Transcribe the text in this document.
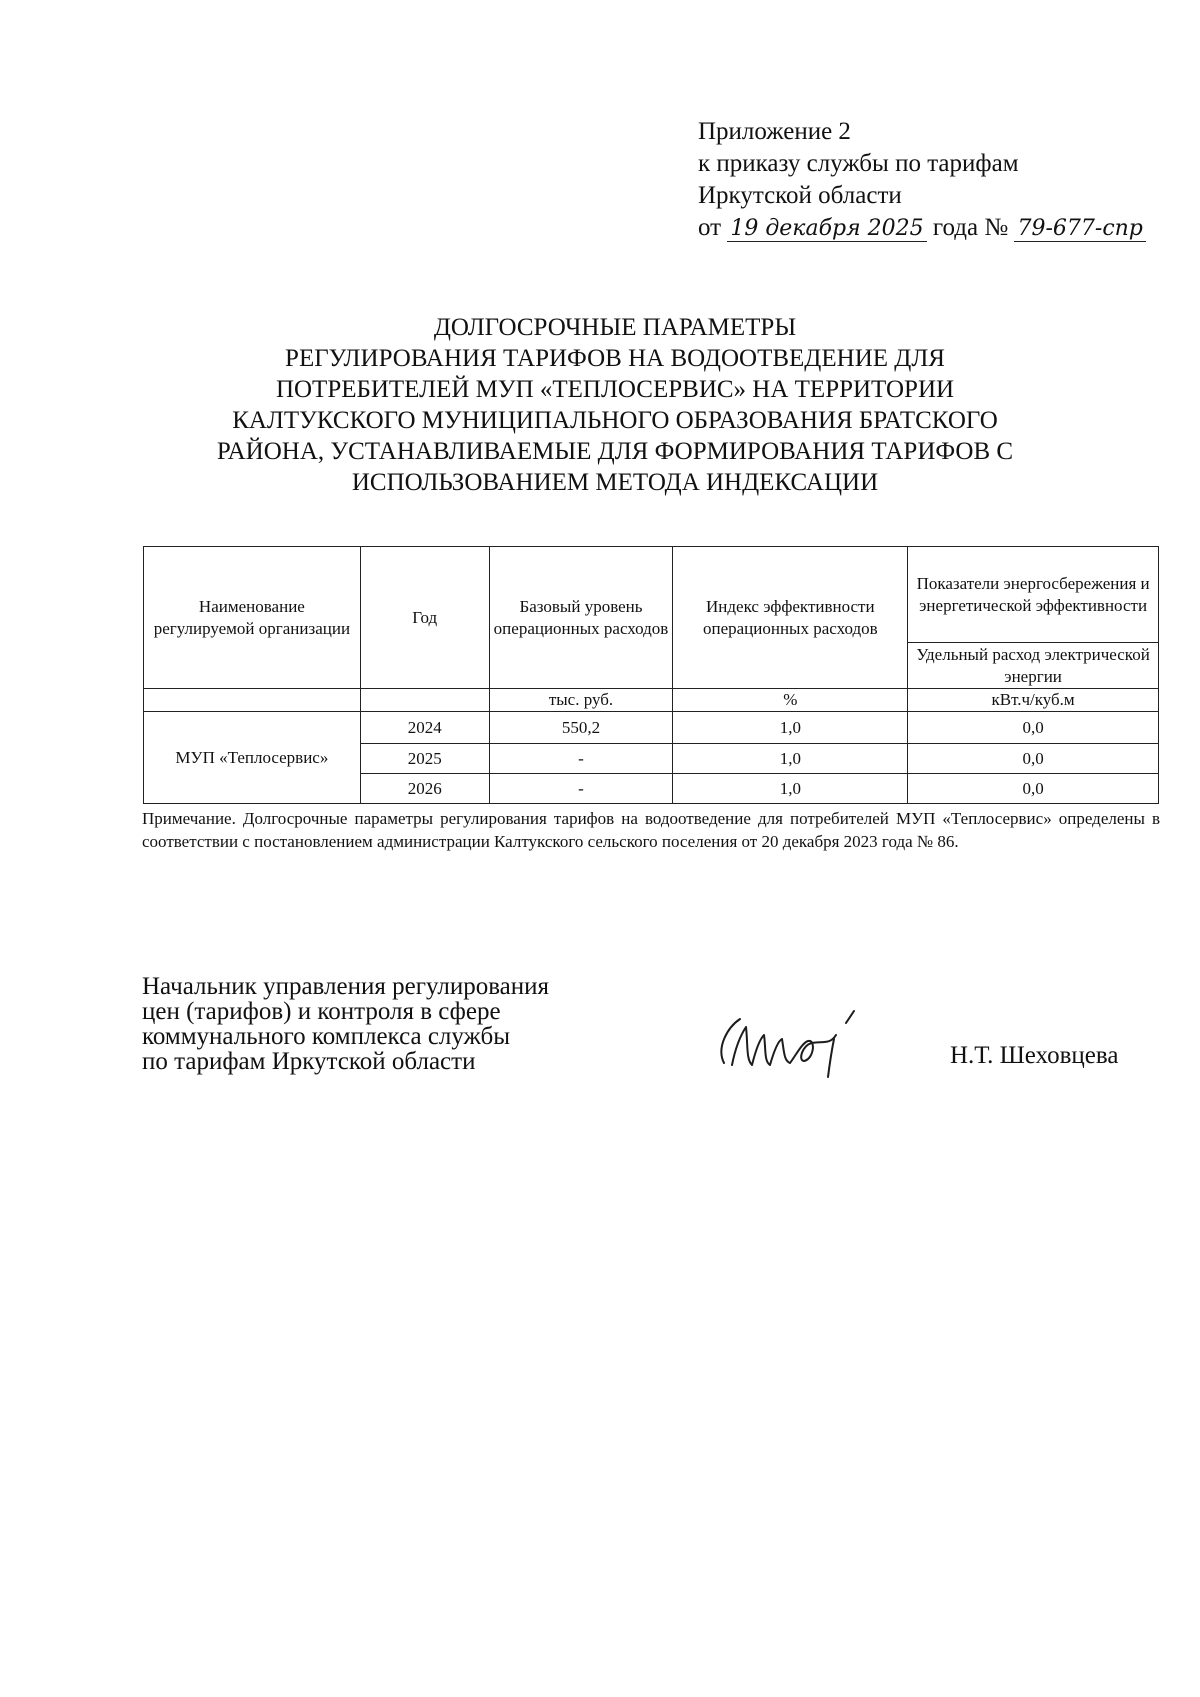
Приложение 2
к приказу службы по тарифам
Иркутской области
от 19 декабря 2025 года № 79-677-спр
ДОЛГОСРОЧНЫЕ ПАРАМЕТРЫ
РЕГУЛИРОВАНИЯ ТАРИФОВ НА ВОДООТВЕДЕНИЕ ДЛЯ
ПОТРЕБИТЕЛЕЙ МУП «ТЕПЛОСЕРВИС» НА ТЕРРИТОРИИ
КАЛТУКСКОГО МУНИЦИПАЛЬНОГО ОБРАЗОВАНИЯ БРАТСКОГО
РАЙОНА, УСТАНАВЛИВАЕМЫЕ ДЛЯ ФОРМИРОВАНИЯ ТАРИФОВ С
ИСПОЛЬЗОВАНИЕМ МЕТОДА ИНДЕКСАЦИИ
Наименование регулируемой организации	Год	Базовый уровень операционных расходов	Индекс эффективности операционных расходов	Показатели энергосбережения и энергетической эффективности
				Удельный расход электрической энергии
		тыс. руб.	%	кВт.ч/куб.м
МУП «Теплосервис»	2024	550,2	1,0	0,0
	2025	-	1,0	0,0
	2026	-	1,0	0,0
Примечание. Долгосрочные параметры регулирования тарифов на водоотведение для потребителей МУП «Теплосервис» определены в соответствии с постановлением администрации Калтукского сельского поселения от 20 декабря 2023 года № 86.
Начальник управления регулирования
цен (тарифов) и контроля в сфере
коммунального комплекса службы
по тарифам Иркутской области	Н.Т. Шеховцева
